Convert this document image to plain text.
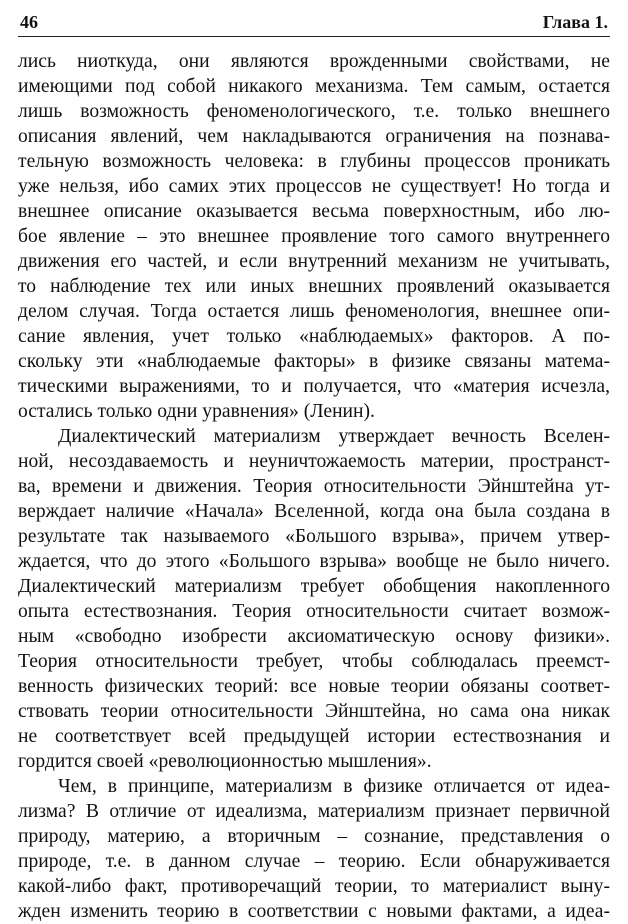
46	Глава 1.
лись ниоткуда, они являются врожденными свойствами, не
имеющими под собой никакого механизма. Тем самым, остается
лишь возможность феноменологического, т.е. только внешнего
описания явлений, чем накладываются ограничения на познава-
тельную возможность человека: в глубины процессов проникать
уже нельзя, ибо самих этих процессов не существует! Но тогда и
внешнее описание оказывается весьма поверхностным, ибо лю-
бое явление – это внешнее проявление того самого внутреннего
движения его частей, и если внутренний механизм не учитывать,
то наблюдение тех или иных внешних проявлений оказывается
делом случая. Тогда остается лишь феноменология, внешнее опи-
сание явления, учет только «наблюдаемых» факторов. А по-
скольку эти «наблюдаемые факторы» в физике связаны матема-
тическими выражениями, то и получается, что «материя исчезла,
остались только одни уравнения» (Ленин).
Диалектический материализм утверждает вечность Вселен-
ной, несоздаваемость и неуничтожаемость материи, пространст-
ва, времени и движения. Теория относительности Эйнштейна ут-
верждает наличие «Начала» Вселенной, когда она была создана в
результате так называемого «Большого взрыва», причем утвер-
ждается, что до этого «Большого взрыва» вообще не было ничего.
Диалектический материализм требует обобщения накопленного
опыта естествознания. Теория относительности считает возмож-
ным «свободно изобрести аксиоматическую основу физики».
Теория относительности требует, чтобы соблюдалась преемст-
венность физических теорий: все новые теории обязаны соответ-
ствовать теории относительности Эйнштейна, но сама она никак
не соответствует всей предыдущей истории естествознания и
гордится своей «революционностью мышления».
Чем, в принципе, материализм в физике отличается от идеа-
лизма? В отличие от идеализма, материализм признает первичной
природу, материю, а вторичным – сознание, представления о
природе, т.е. в данном случае – теорию. Если обнаруживается
какой-либо факт, противоречащий теории, то материалист выну-
жден изменить теорию в соответствии с новыми фактами, а идеа-
